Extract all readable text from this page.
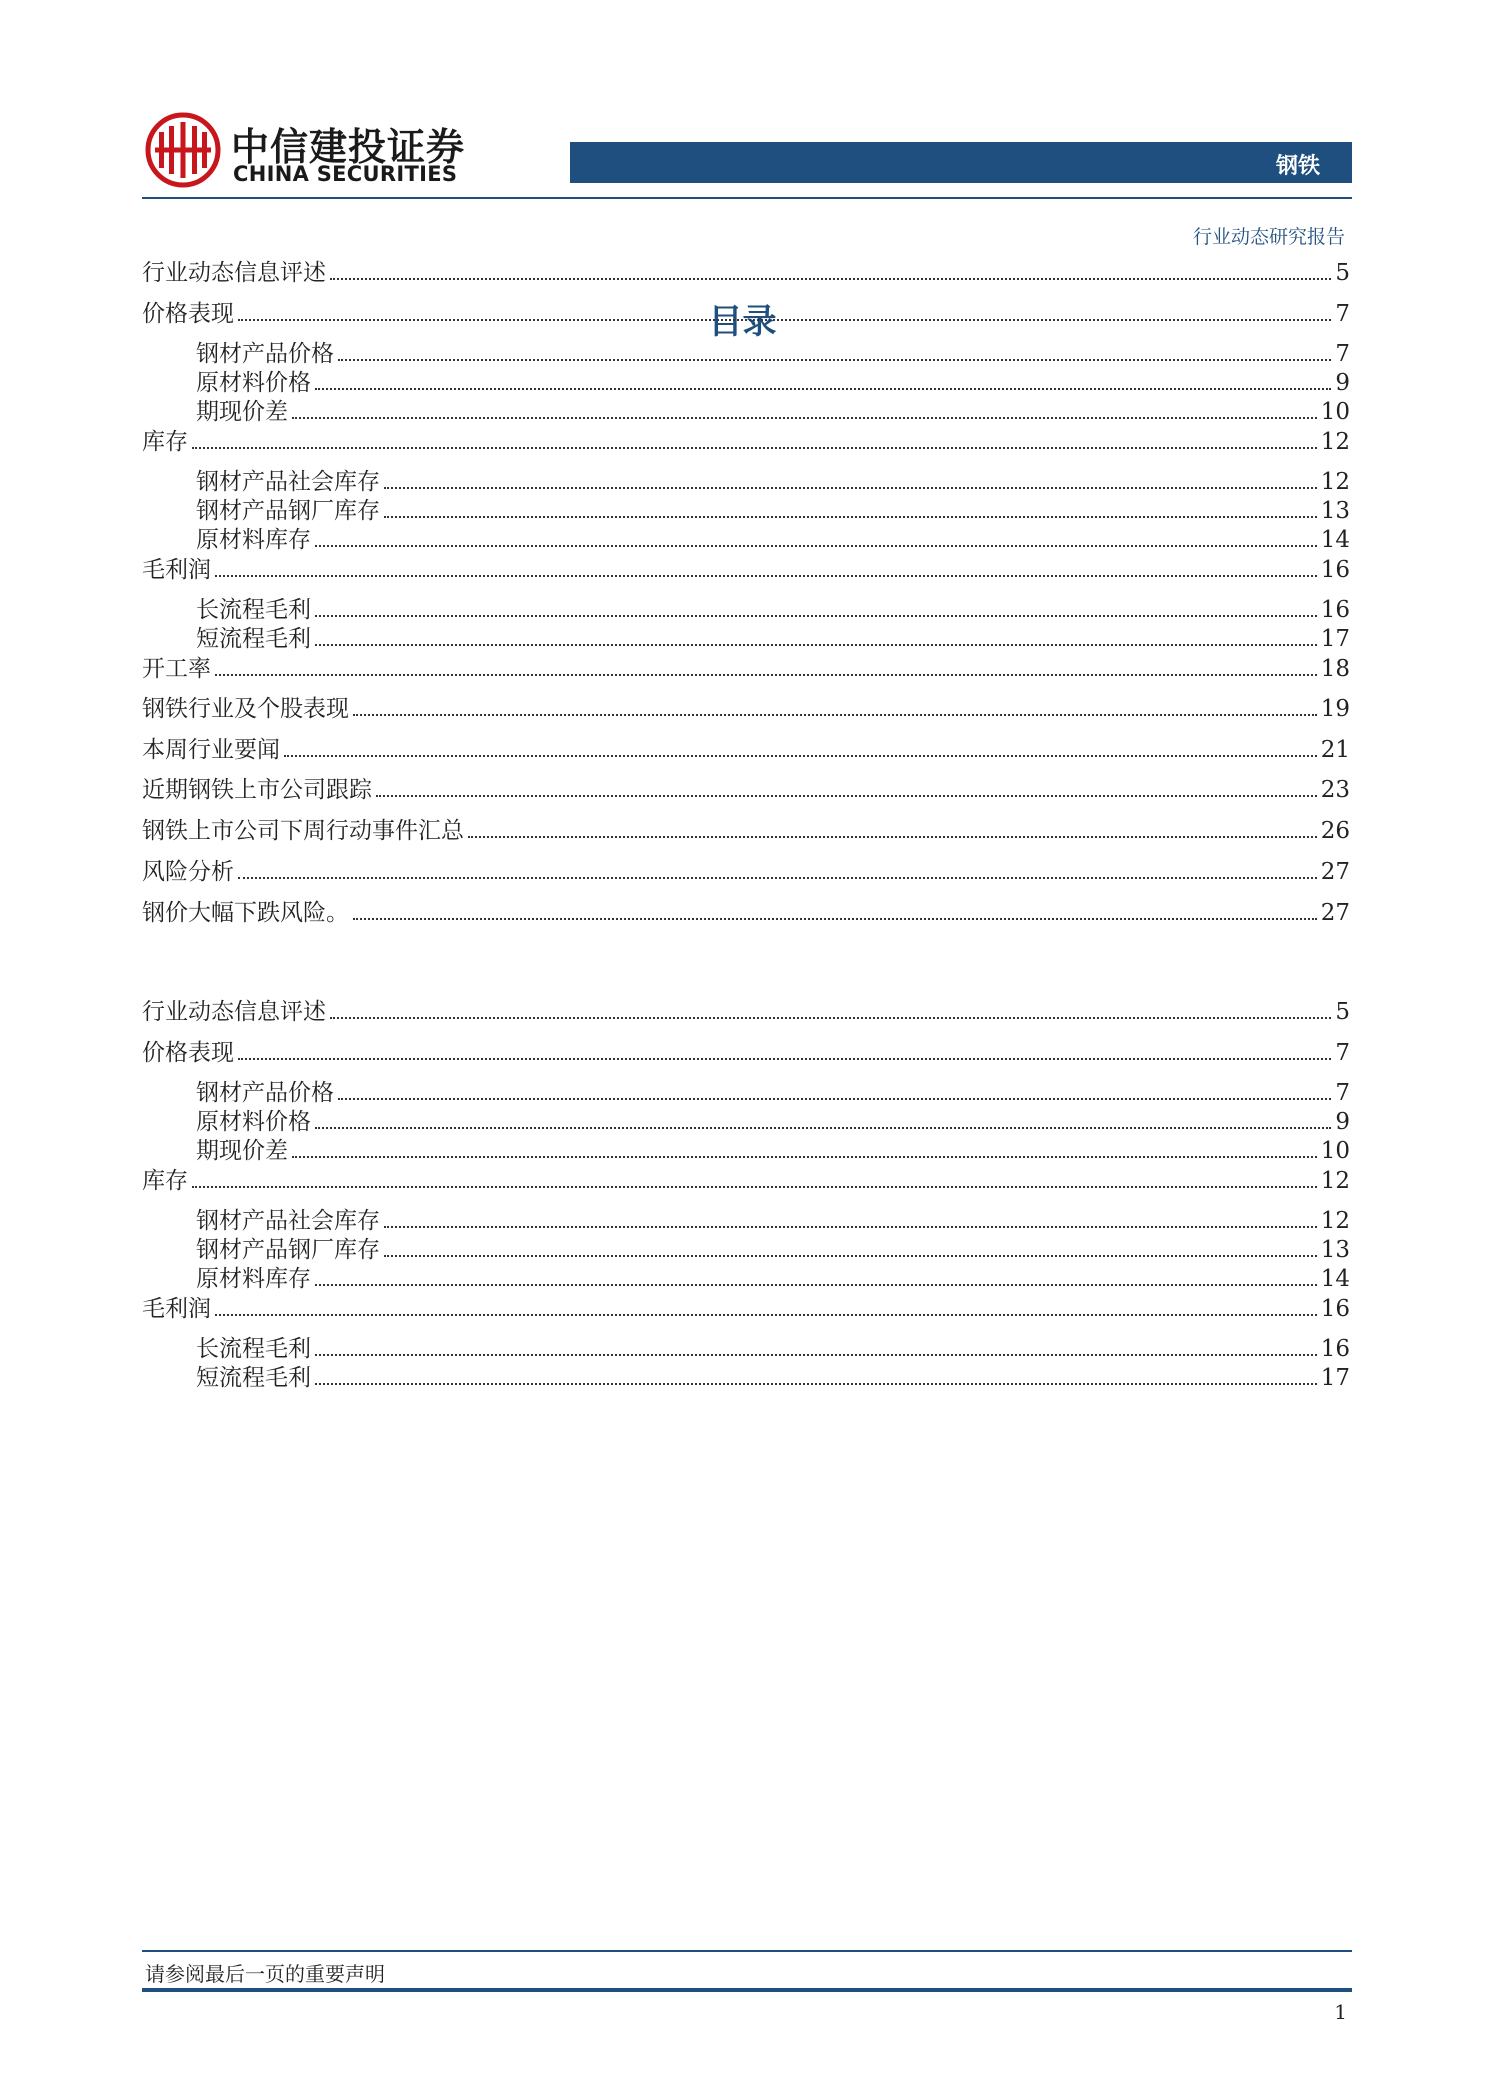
中信建投证券
CHINA SECURITIES	钢铁
行业动态研究报告
目录
行业动态信息评述	5
价格表现	7
钢材产品价格	7
原材料价格	9
期现价差	10
库存	12
钢材产品社会库存	12
钢材产品钢厂库存	13
原材料库存	14
毛利润	16
长流程毛利	16
短流程毛利	17
开工率	18
钢铁行业及个股表现	19
本周行业要闻	21
近期钢铁上市公司跟踪	23
钢铁上市公司下周行动事件汇总	26
风险分析	27
钢价大幅下跌风险。	27
行业动态信息评述	5
价格表现	7
钢材产品价格	7
原材料价格	9
期现价差	10
库存	12
钢材产品社会库存	12
钢材产品钢厂库存	13
原材料库存	14
毛利润	16
长流程毛利	16
短流程毛利	17
请参阅最后一页的重要声明
1
